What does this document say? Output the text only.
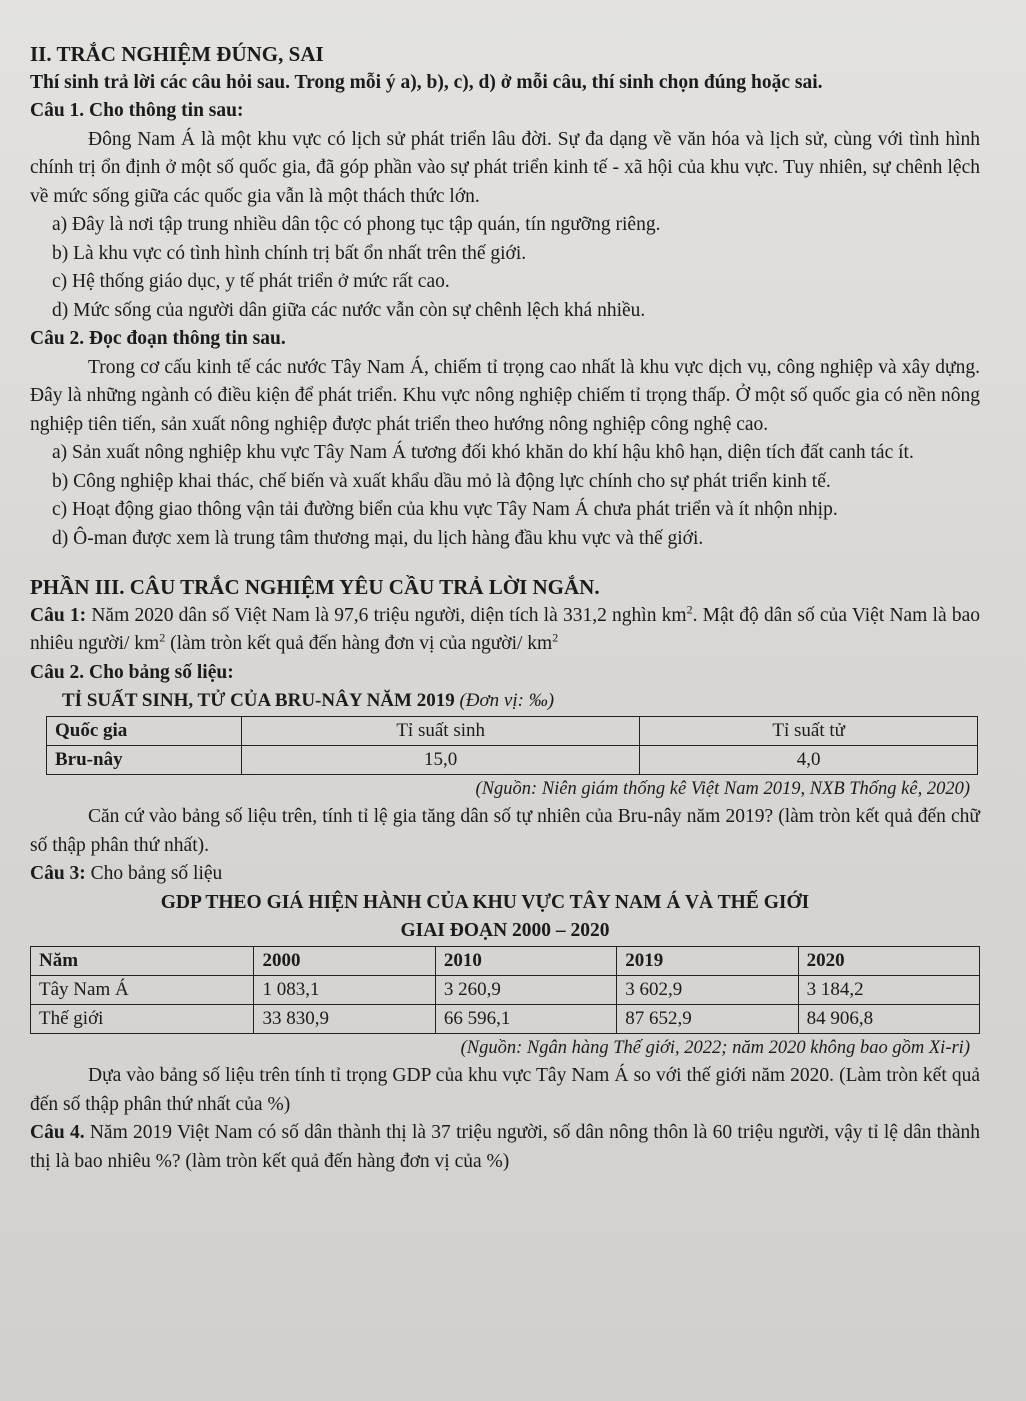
II. TRẮC NGHIỆM ĐÚNG, SAI

Thí sinh trả lời các câu hỏi sau. Trong mỗi ý a), b), c), d) ở mỗi câu, thí sinh chọn đúng hoặc sai.

Câu 1. Cho thông tin sau:

Đông Nam Á là một khu vực có lịch sử phát triển lâu đời. Sự đa dạng về văn hóa và lịch sử, cùng với tình hình chính trị ổn định ở một số quốc gia, đã góp phần vào sự phát triển kinh tế - xã hội của khu vực. Tuy nhiên, sự chênh lệch về mức sống giữa các quốc gia vẫn là một thách thức lớn.

a) Đây là nơi tập trung nhiều dân tộc có phong tục tập quán, tín ngưỡng riêng.

b) Là khu vực có tình hình chính trị bất ổn nhất trên thế giới.

c) Hệ thống giáo dục, y tế phát triển ở mức rất cao.

d) Mức sống của người dân giữa các nước vẫn còn sự chênh lệch khá nhiều.

Câu 2. Đọc đoạn thông tin sau.

Trong cơ cấu kinh tế các nước Tây Nam Á, chiếm tỉ trọng cao nhất là khu vực dịch vụ, công nghiệp và xây dựng. Đây là những ngành có điều kiện để phát triển. Khu vực nông nghiệp chiếm tỉ trọng thấp. Ở một số quốc gia có nền nông nghiệp tiên tiến, sản xuất nông nghiệp được phát triển theo hướng nông nghiệp công nghệ cao.

a) Sản xuất nông nghiệp khu vực Tây Nam Á tương đối khó khăn do khí hậu khô hạn, diện tích đất canh tác ít.

b) Công nghiệp khai thác, chế biến và xuất khẩu dầu mỏ là động lực chính cho sự phát triển kinh tế.

c) Hoạt động giao thông vận tải đường biển của khu vực Tây Nam Á chưa phát triển và ít nhộn nhịp.

d) Ô-man được xem là trung tâm thương mại, du lịch hàng đầu khu vực và thế giới.

PHẦN III. CÂU TRẮC NGHIỆM YÊU CẦU TRẢ LỜI NGẮN.

Câu 1: Năm 2020 dân số Việt Nam là 97,6 triệu người, diện tích là 331,2 nghìn $km^2$. Mật độ dân số của Việt Nam là bao nhiêu người/ $km^2$ (làm tròn kết quả đến hàng đơn vị của người/ $km^2$

Câu 2. Cho bảng số liệu:

TỈ SUẤT SINH, TỬ CỦA BRU-NÂY NĂM 2019 (Đơn vị: ‰)

Quốc gia	Tỉ suất sinh	Tỉ suất tử
Bru-nây	15,0	4,0

(Nguồn: Niên giám thống kê Việt Nam 2019, NXB Thống kê, 2020)

Căn cứ vào bảng số liệu trên, tính tỉ lệ gia tăng dân số tự nhiên của Bru-nây năm 2019? (làm tròn kết quả đến chữ số thập phân thứ nhất).

Câu 3: Cho bảng số liệu

GDP THEO GIÁ HIỆN HÀNH CỦA KHU VỰC TÂY NAM Á VÀ THẾ GIỚI

GIAI ĐOẠN 2000 – 2020

Năm	2000	2010	2019	2020
Tây Nam Á	1 083,1	3 260,9	3 602,9	3 184,2
Thế giới	33 830,9	66 596,1	87 652,9	84 906,8

(Nguồn: Ngân hàng Thế giới, 2022; năm 2020 không bao gồm Xi-ri)

Dựa vào bảng số liệu trên tính tỉ trọng GDP của khu vực Tây Nam Á so với thế giới năm 2020. (Làm tròn kết quả đến số thập phân thứ nhất của %)

Câu 4. Năm 2019 Việt Nam có số dân thành thị là 37 triệu người, số dân nông thôn là 60 triệu người, vậy tỉ lệ dân thành thị là bao nhiêu %? (làm tròn kết quả đến hàng đơn vị của %)
